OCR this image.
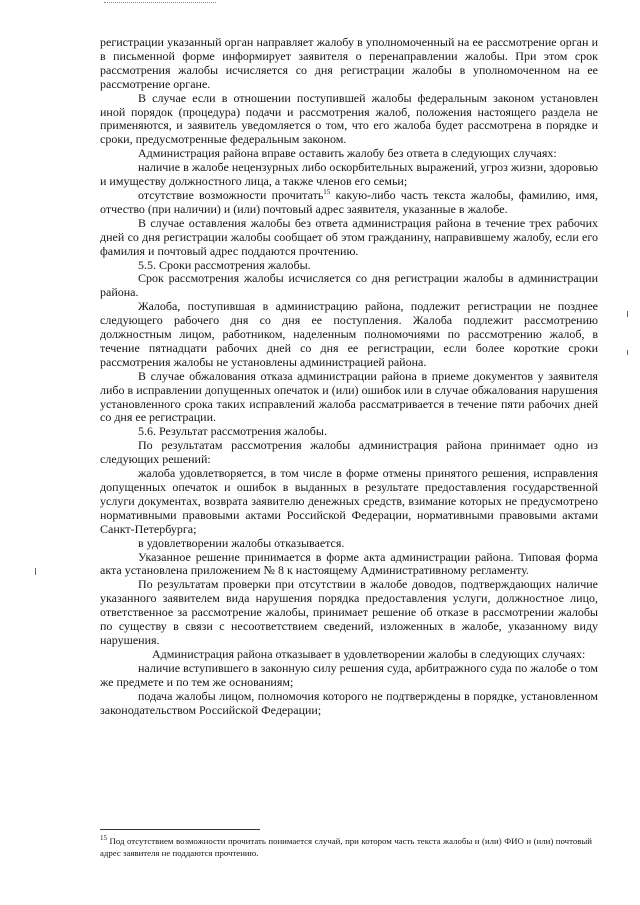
регистрации указанный орган направляет жалобу в уполномоченный на ее рассмотрение орган и в письменной форме информирует заявителя о перенаправлении жалобы. При этом срок рассмотрения жалобы исчисляется со дня регистрации жалобы в уполномоченном на ее рассмотрение органе.

В случае если в отношении поступившей жалобы федеральным законом установлен иной порядок (процедура) подачи и рассмотрения жалоб, положения настоящего раздела не применяются, и заявитель уведомляется о том, что его жалоба будет рассмотрена в порядке и сроки, предусмотренные федеральным законом.

Администрация района вправе оставить жалобу без ответа в следующих случаях:

наличие в жалобе нецензурных либо оскорбительных выражений, угроз жизни, здоровью и имуществу должностного лица, а также членов его семьи;

отсутствие возможности прочитать$^{15}$ какую-либо часть текста жалобы, фамилию, имя, отчество (при наличии) и (или) почтовый адрес заявителя, указанные в жалобе.

В случае оставления жалобы без ответа администрация района в течение трех рабочих дней со дня регистрации жалобы сообщает об этом гражданину, направившему жалобу, если его фамилия и почтовый адрес поддаются прочтению.

5.5. Сроки рассмотрения жалобы.

Срок рассмотрения жалобы исчисляется со дня регистрации жалобы в администрации района.

Жалоба, поступившая в администрацию района, подлежит регистрации не позднее следующего рабочего дня со дня ее поступления. Жалоба подлежит рассмотрению должностным лицом, работником, наделенным полномочиями по рассмотрению жалоб, в течение пятнадцати рабочих дней со дня ее регистрации, если более короткие сроки рассмотрения жалобы не установлены администрацией района.

В случае обжалования отказа администрации района в приеме документов у заявителя либо в исправлении допущенных опечаток и (или) ошибок или в случае обжалования нарушения установленного срока таких исправлений жалоба рассматривается в течение пяти рабочих дней со дня ее регистрации.

5.6. Результат рассмотрения жалобы.

По результатам рассмотрения жалобы администрация района принимает одно из следующих решений:

жалоба удовлетворяется, в том числе в форме отмены принятого решения, исправления допущенных опечаток и ошибок в выданных в результате предоставления государственной услуги документах, возврата заявителю денежных средств, взимание которых не предусмотрено нормативными правовыми актами Российской Федерации, нормативными правовыми актами Санкт-Петербурга;

в удовлетворении жалобы отказывается.

Указанное решение принимается в форме акта администрации района. Типовая форма акта установлена приложением № 8 к настоящему Административному регламенту.

По результатам проверки при отсутствии в жалобе доводов, подтверждающих наличие указанного заявителем вида нарушения порядка предоставления услуги, должностное лицо, ответственное за рассмотрение жалобы, принимает решение об отказе в рассмотрении жалобы по существу в связи с несоответствием сведений, изложенных в жалобе, указанному виду нарушения.

Администрация района отказывает в удовлетворении жалобы в следующих случаях:

наличие вступившего в законную силу решения суда, арбитражного суда по жалобе о том же предмете и по тем же основаниям;

подача жалобы лицом, полномочия которого не подтверждены в порядке, установленном законодательством Российской Федерации;

$^{15}$ Под отсутствием возможности прочитать понимается случай, при котором часть текста жалобы и (или) ФИО и (или) почтовый адрес заявителя не поддаются прочтению.
